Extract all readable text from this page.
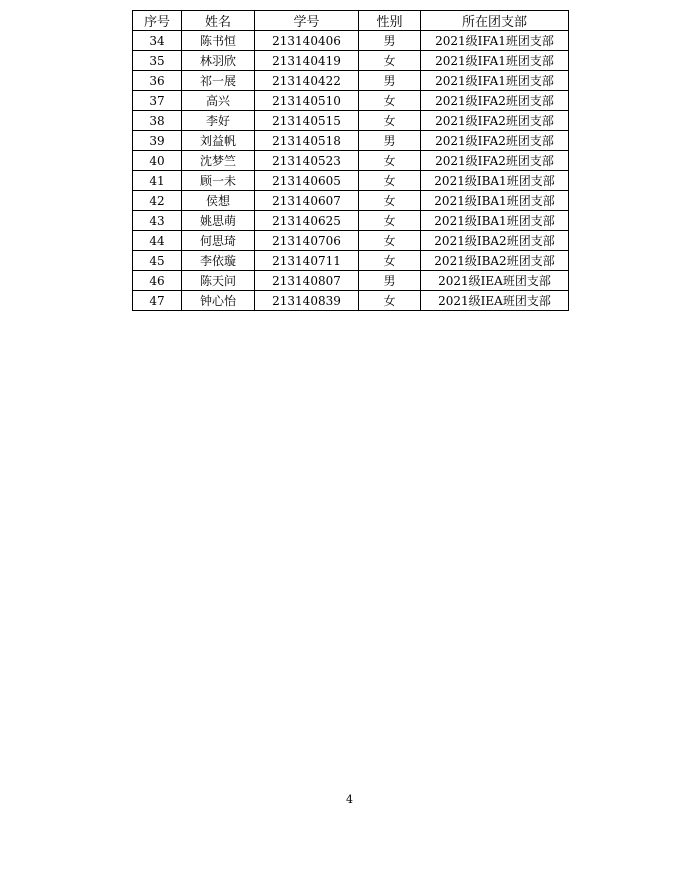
序号	姓名	学号	性别	所在团支部
34	陈书恒	213140406	男	2021级IFA1班团支部
35	林羽欣	213140419	女	2021级IFA1班团支部
36	祁一展	213140422	男	2021级IFA1班团支部
37	高兴	213140510	女	2021级IFA2班团支部
38	李好	213140515	女	2021级IFA2班团支部
39	刘益帆	213140518	男	2021级IFA2班团支部
40	沈梦竺	213140523	女	2021级IFA2班团支部
41	顾一未	213140605	女	2021级IBA1班团支部
42	侯想	213140607	女	2021级IBA1班团支部
43	姚思萌	213140625	女	2021级IBA1班团支部
44	何思琦	213140706	女	2021级IBA2班团支部
45	李依璇	213140711	女	2021级IBA2班团支部
46	陈天问	213140807	男	2021级IEA班团支部
47	钟心怡	213140839	女	2021级IEA班团支部
4
